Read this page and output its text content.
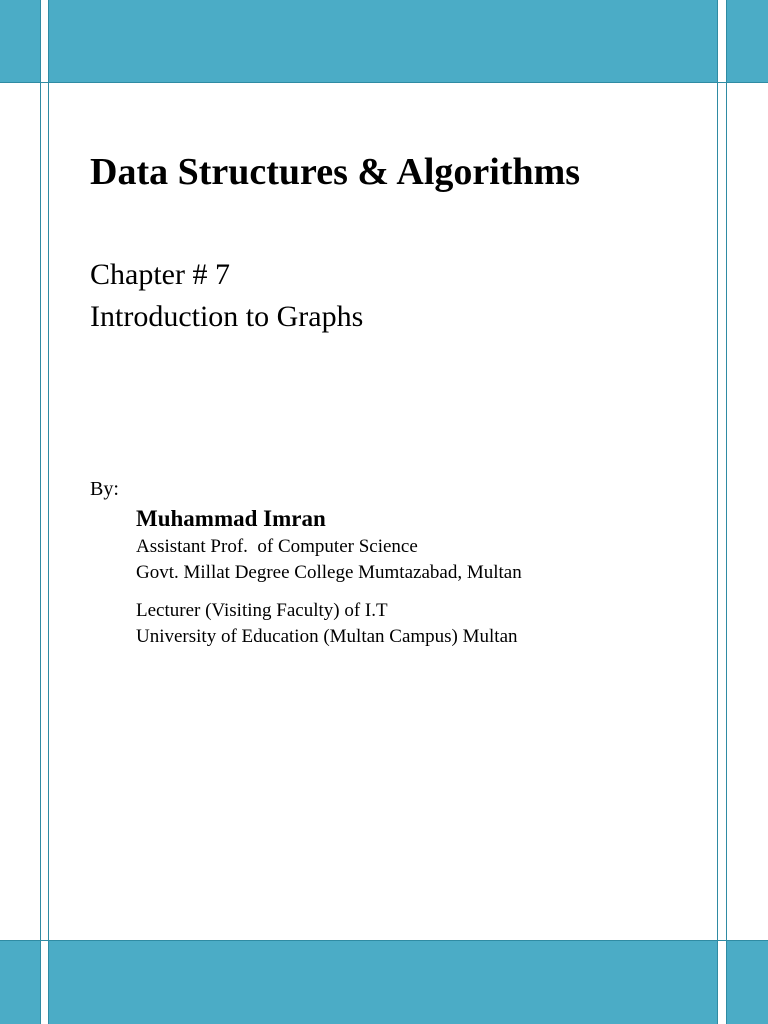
Data Structures & Algorithms
Chapter # 7
Introduction to Graphs
By:
Muhammad Imran
Assistant Prof.  of Computer Science
Govt. Millat Degree College Mumtazabad, Multan
Lecturer (Visiting Faculty) of I.T
University of Education (Multan Campus) Multan
